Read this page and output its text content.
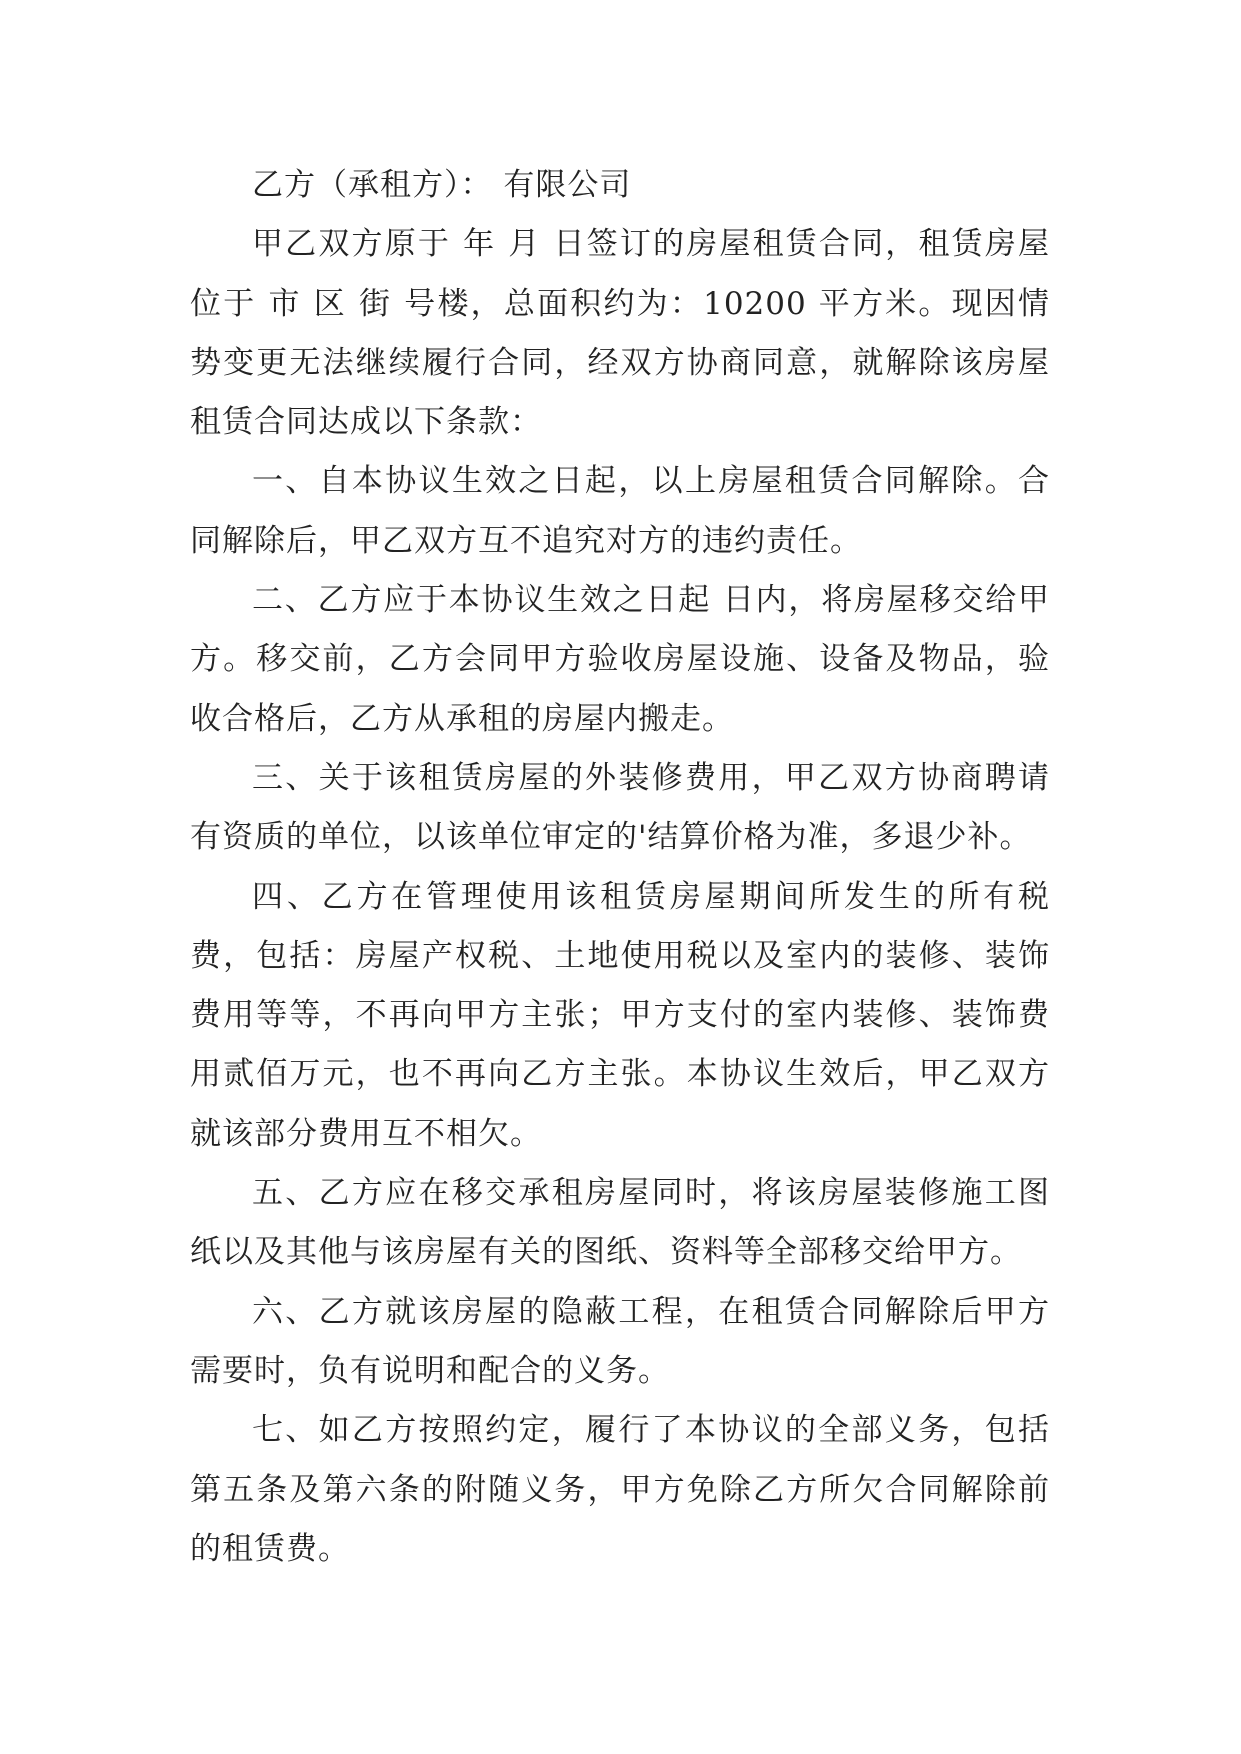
乙方（承租方）： 有限公司

甲乙双方原于 年 月 日签订的房屋租赁合同，租赁房屋位于 市 区 街 号楼，总面积约为：10200 平方米。现因情势变更无法继续履行合同，经双方协商同意，就解除该房屋租赁合同达成以下条款：

一、自本协议生效之日起，以上房屋租赁合同解除。合同解除后，甲乙双方互不追究对方的违约责任。

二、乙方应于本协议生效之日起 日内，将房屋移交给甲方。移交前，乙方会同甲方验收房屋设施、设备及物品，验收合格后，乙方从承租的房屋内搬走。

三、关于该租赁房屋的外装修费用，甲乙双方协商聘请有资质的单位，以该单位审定的'结算价格为准，多退少补。

四、乙方在管理使用该租赁房屋期间所发生的所有税费，包括：房屋产权税、土地使用税以及室内的装修、装饰费用等等，不再向甲方主张；甲方支付的室内装修、装饰费用贰佰万元，也不再向乙方主张。本协议生效后，甲乙双方就该部分费用互不相欠。

五、乙方应在移交承租房屋同时，将该房屋装修施工图纸以及其他与该房屋有关的图纸、资料等全部移交给甲方。

六、乙方就该房屋的隐蔽工程，在租赁合同解除后甲方需要时，负有说明和配合的义务。

七、如乙方按照约定，履行了本协议的全部义务，包括第五条及第六条的附随义务，甲方免除乙方所欠合同解除前的租赁费。
